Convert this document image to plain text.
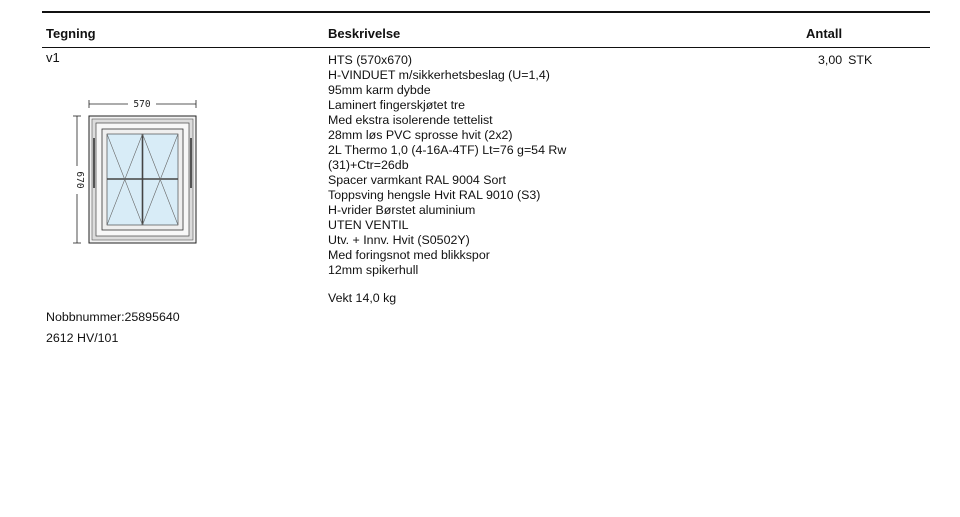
Tegning	Beskrivelse	Antall
v1
570
670
HTS (570x670)
H-VINDUET m/sikkerhetsbeslag (U=1,4)
95mm karm dybde
Laminert fingerskjøtet tre
Med ekstra isolerende tettelist
28mm løs PVC sprosse hvit (2x2)
2L Thermo 1,0 (4-16A-4TF) Lt=76 g=54 Rw
(31)+Ctr=26db
Spacer varmkant RAL 9004 Sort
Toppsving hengsle Hvit RAL 9010 (S3)
H-vrider Børstet aluminium
UTEN VENTIL
Utv. + Innv. Hvit (S0502Y)
Med foringsnot med blikkspor
12mm spikerhull
Vekt 14,0 kg
3,00 STK
Nobbnummer:25895640
2612 HV/101
